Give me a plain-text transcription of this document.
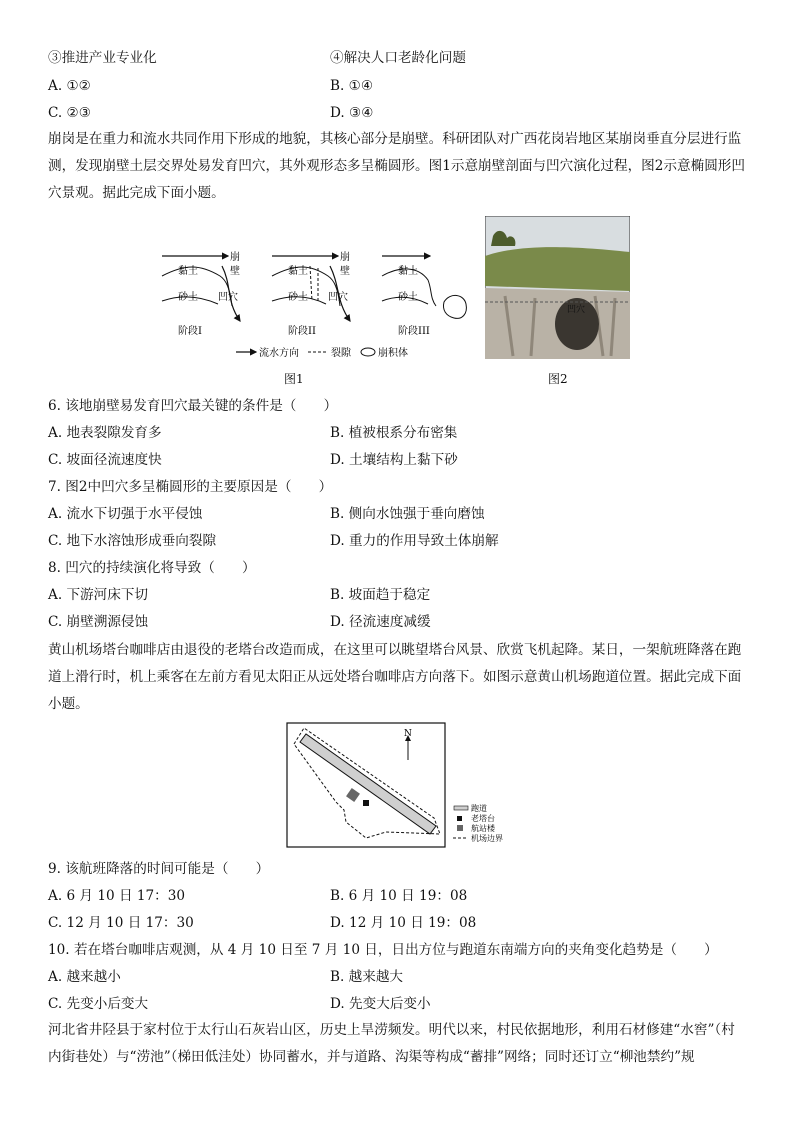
③推进产业专业化	④解决人口老龄化问题
A. ①②	B. ①④
C. ②③	D. ③④
崩岗是在重力和流水共同作用下形成的地貌，其核心部分是崩壁。科研团队对广西花岗岩地区某崩岗垂直分层进行监测，发现崩壁土层交界处易发育凹穴，其外观形态多呈椭圆形。图1示意崩壁剖面与凹穴演化过程，图2示意椭圆形凹穴景观。据此完成下面小题。
黏土
砂土
崩
壁
凹穴
阶段I
黏土
砂土
崩
壁
凹穴
阶段II
黏土
砂土
阶段III
流水方向	裂隙	崩积体
图1
凹穴
图2
6. 该地崩壁易发育凹穴最关键的条件是（　　）
A. 地表裂隙发育多	B. 植被根系分布密集
C. 坡面径流速度快	D. 土壤结构上黏下砂
7. 图2中凹穴多呈椭圆形的主要原因是（　　）
A. 流水下切强于水平侵蚀	B. 侧向水蚀强于垂向磨蚀
C. 地下水溶蚀形成垂向裂隙	D. 重力的作用导致土体崩解
8. 凹穴的持续演化将导致（　　）
A. 下游河床下切	B. 坡面趋于稳定
C. 崩壁溯源侵蚀	D. 径流速度减缓
黄山机场塔台咖啡店由退役的老塔台改造而成，在这里可以眺望塔台风景、欣赏飞机起降。某日，一架航班降落在跑道上滑行时，机上乘客在左前方看见太阳正从远处塔台咖啡店方向落下。如图示意黄山机场跑道位置。据此完成下面小题。
N
跑道
老塔台
航站楼
机场边界
9. 该航班降落的时间可能是（　　）
A. 6 月 10 日 17：30	B. 6 月 10 日 19：08
C. 12 月 10 日 17：30	D. 12 月 10 日 19：08
10. 若在塔台咖啡店观测，从 4 月 10 日至 7 月 10 日，日出方位与跑道东南端方向的夹角变化趋势是（　　）
A. 越来越小	B. 越来越大
C. 先变小后变大	D. 先变大后变小
河北省井陉县于家村位于太行山石灰岩山区，历史上旱涝频发。明代以来，村民依据地形，利用石材修建“水窖”（村内街巷处）与“涝池”（梯田低洼处）协同蓄水，并与道路、沟渠等构成“蓄排”网络；同时还订立“柳池禁约”规
